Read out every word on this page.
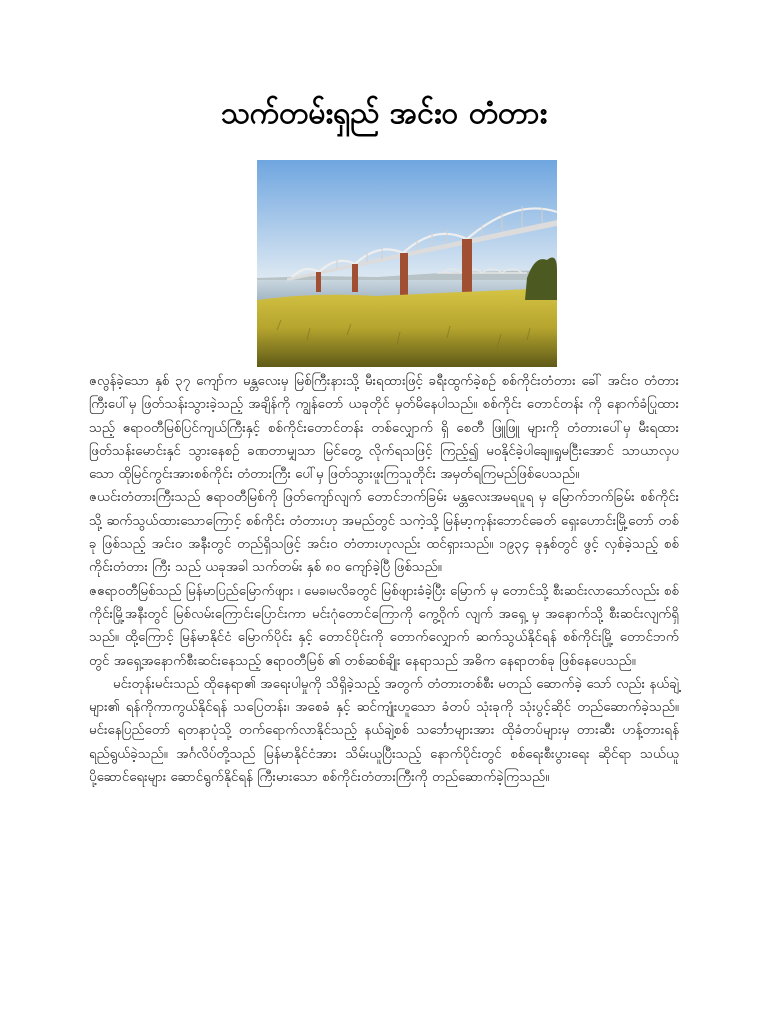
သက်တမ်းရှည် အင်းဝ တံတား

ဇလွန်ခဲ့သော နှစ် ၃၇ ကျော်က မန္တလေးမှ မြစ်ကြီးနားသို့ မီးရထားဖြင့် ခရီးထွက်ခဲ့စဉ် စစ်ကိုင်းတံတား ခေါ် အင်းဝ တံတား ကြီးပေါ်မှ ဖြတ်သန်းသွားခဲ့သည့် အချိန်ကို ကျွန်တော် ယခုတိုင် မှတ်မိနေပါသည်။ စစ်ကိုင်း တောင်တန်း ကို နောက်ခံပြုထားသည့် ဧရာဝတီမြစ်ပြင်ကျယ်ကြီးနှင့် စစ်ကိုင်းတောင်တန်း တစ်လျှောက် ရှိ စေတီ ဖြူဖြူ များကို တံတားပေါ်မှ မီးရထား ဖြတ်သန်းမောင်းနှင် သွားနေစဉ် ခဏတာမျှသာ မြင်တွေ့ လိုက်ရသဖြင့် ကြည့်၍ မဝနိုင်ခဲ့ပါချေ။ရှုမငြီးအောင် သာယာလှပသော ထိုမြင်ကွင်းအားစစ်ကိုင်း တံတားကြီး ပေါ်မှ ဖြတ်သွားဖူးကြသူတိုင်း အမှတ်ရကြမည်ဖြစ်ပေသည်။

ဇယင်းတံတားကြီးသည် ဧရာဝတီမြစ်ကို ဖြတ်ကျော်လျက် တောင်ဘက်ခြမ်း မန္တလေးအမရပူရ မှ မြောက်ဘက်ခြမ်း စစ်ကိုင်း သို့ ဆက်သွယ်ထားသောကြောင့် စစ်ကိုင်း တံတားဟု အမည်တွင် သကဲ့သို့ မြန်မာ့ကုန်းဘောင်ခေတ် ရှေးဟောင်းမြို့တော် တစ်ခု ဖြစ်သည့် အင်းဝ အနီးတွင် တည်ရှိသဖြင့် အင်းဝ တံတားဟုလည်း ထင်ရှားသည်။ ၁၉၃၄ ခုနှစ်တွင် ဖွင့် လှစ်ခဲ့သည့် စစ်ကိုင်းတံတား ကြီး သည် ယခုအခါ သက်တမ်း နှစ် ၈၀ ကျော်ခဲ့ပြီ ဖြစ်သည်။

ဇဧရာဝတီမြစ်သည် မြန်မာပြည်မြောက်ဖျား ၊ မေခ၊မလိခတွင် မြစ်ဖျားခံခဲ့ပြီး မြောက် မှ တောင်သို့ စီးဆင်းလာသော်လည်း စစ်ကိုင်းမြို့အနီးတွင် မြစ်လမ်းကြောင်းပြောင်းကာ မင်းဂုံတောင်ကြောကို ကွေ့ဝိုက် လျက် အရှေ့ မှ အနောက်သို့ စီးဆင်းလျက်ရှိ သည်။ ထို့ကြောင့် မြန်မာနိုင်ငံ မြောက်ပိုင်း နှင့် တောင်ပိုင်းကို တောက်လျှောက် ဆက်သွယ်နိုင်ရန် စစ်ကိုင်းမြို့ တောင်ဘက်တွင် အရှေ့အနောက်စီးဆင်းနေသည့် ဧရာဝတီမြစ် ၏ တစ်ဆစ်ချိုး နေရာသည် အဓိက နေရာတစ်ခု ဖြစ်နေပေသည်။

မင်းတုန်းမင်းသည် ထိုနေရာ၏ အရေးပါမှုကို သိရှိခဲ့သည့် အတွက် တံတားတစ်စီး မတည် ဆောက်ခဲ့ သော် လည်း နယ်ချဲ့ များ၏ ရန်ကိုကာကွယ်နိုင်ရန် သပြေတန်း၊ အစေခံ နှင့် ဆင်ကျုံးဟူသော ခံတပ် သုံးခုကို သုံးပွင့်ဆိုင် တည်ဆောက်ခဲ့သည်။ မင်းနေပြည်တော် ရတနာပုံသို့ တက်ရောက်လာနိုင်သည့် နယ်ချဲ့စစ် သင်္ဘောများအား ထိုခံတပ်များမှ တားဆီး ဟန့်တားရန် ရည်ရွယ်ခဲ့သည်။ အင်္ဂလိပ်တို့သည် မြန်မာနိုင်ငံအား သိမ်းယူပြီးသည့် နောက်ပိုင်းတွင် စစ်ရေးစီးပွားရေး ဆိုင်ရာ သယ်ယူပို့ဆောင်ရေးများ ဆောင်ရွက်နိုင်ရန် ကြီးမားသော စစ်ကိုင်းတံတားကြီးကို တည်ဆောက်ခဲ့ကြသည်။
